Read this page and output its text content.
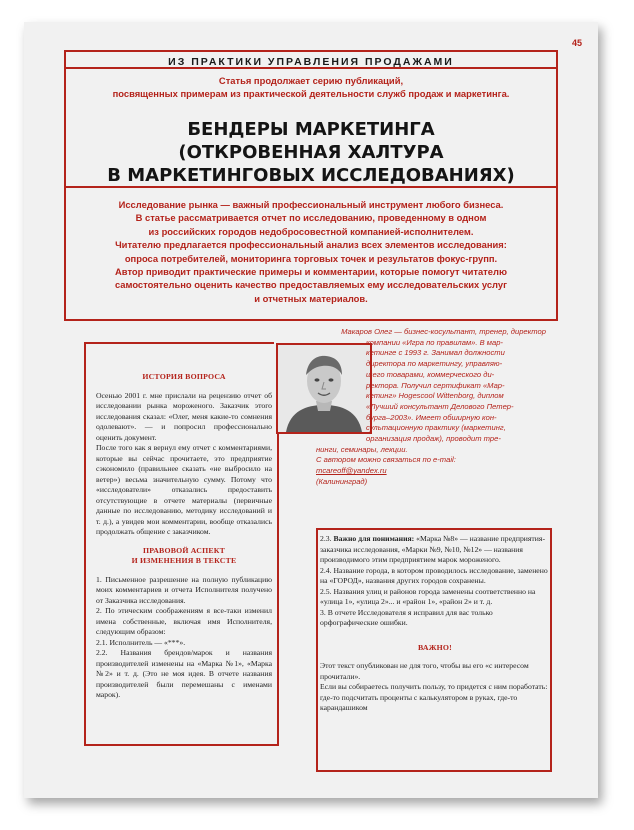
45
ИЗ ПРАКТИКИ УПРАВЛЕНИЯ ПРОДАЖАМИ
Статья продолжает серию публикаций,
посвященных примерам из практической деятельности служб продаж и маркетинга.
БЕНДЕРЫ МАРКЕТИНГА
(ОТКРОВЕННАЯ ХАЛТУРА
В МАРКЕТИНГОВЫХ ИССЛЕДОВАНИЯХ)
Исследование рынка — важный профессиональный инструмент любого бизнеса.
В статье рассматривается отчет по исследованию, проведенному в одном
из российских городов недобросовестной компанией-исполнителем.
Читателю предлагается профессиональный анализ всех элементов исследования:
опроса потребителей, мониторинга торговых точек и результатов фокус-групп.
Автор приводит практические примеры и комментарии, которые помогут читателю
самостоятельно оценить качество предоставляемых ему исследовательских услуг
и отчетных материалов.
Макаров Олег — бизнес-косультант, тренер, директор
компании «Игра по правилам». В мар-
кетинге с 1993 г. Занимал должности
директора по маркетингу, управляю-
щего товарами, коммерческого ди-
ректора. Получил сертификат «Мар-
кетинг» Hogescool Wittenborg, диплом
«Лучший консультант Делового Петер-
бурга–2003». Имеет обширную кон-
сультационную практику (маркетинг,
организация продаж), проводит тре-
нинги, семинары, лекции.
С автором можно связаться по e-mail:
mcareoff@yandex.ru
(Калининград)
ИСТОРИЯ ВОПРОСА

Осенью 2001 г. мне прислали на рецензию отчет об исследовании рынка мороженого. Заказчик этого исследования сказал: «Олег, меня какие-то сомнения одолевают». — и попросил профессионально оценить документ.

После того как я вернул ему отчет с комментариями, которые вы сейчас прочитаете, это предприятие сэкономило (правильнее сказать «не выбросило на ветер») весьма значительную сумму. Потому что «исследователи» отказались предоставить отсутствующие в отчете материалы (первичные данные по исследованию, методику исследований и т. д.), а увидев мои комментарии, вообще отказались продолжать общение с заказчиком.

ПРАВОВОЙ АСПЕКТ
И ИЗМЕНЕНИЯ В ТЕКСТЕ

1. Письменное разрешение на полную публикацию моих комментариев и отчета Исполнителя получено от Заказчика исследования.

2. По этическим соображениям я все-таки изменил имена собственные, включая имя Исполнителя, следующим образом:

2.1. Исполнитель — «***».

2.2. Названия брендов/марок и названия производителей изменены на «Марка №1», «Марка №2» и т. д. (Это не моя идея. В отчете названия производителей были перемешаны с именами марок).

2.3. Важно для понимания: «Марка №8» — название предприятия-заказчика исследования, «Марки №9, №10, №12» — названия производимого этим предприятием марок мороженого.

2.4. Название города, в котором проводилось исследование, заменено на «ГОРОД», названия других городов сохранены.

2.5. Названия улиц и районов города заменены соответственно на «улица 1», «улица 2»... и «район 1», «район 2» и т. д.

3. В отчете Исследователя я исправил для вас только орфографические ошибки.

ВАЖНО!

Этот текст опубликован не для того, чтобы вы его «с интересом прочитали».

Если вы собираетесь получить пользу, то придется с ним поработать: где-то подсчитать проценты с калькулятором в руках, где-то карандашиком
